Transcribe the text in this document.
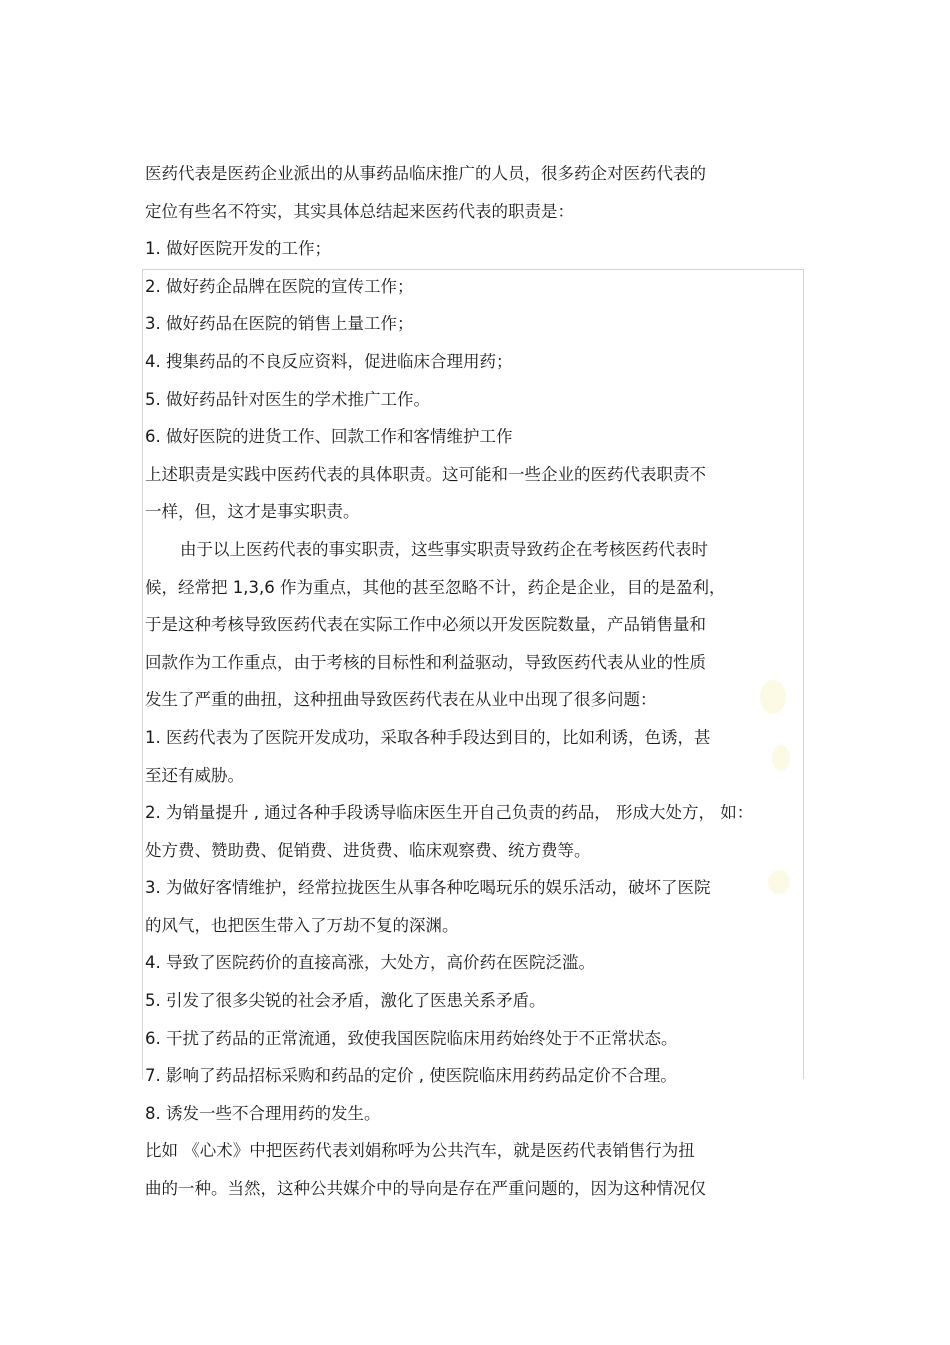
医药代表是医药企业派出的从事药品临床推广的人员，很多药企对医药代表的
定位有些名不符实，其实具体总结起来医药代表的职责是：
1. 做好医院开发的工作；
2. 做好药企品牌在医院的宣传工作；
3. 做好药品在医院的销售上量工作；
4. 搜集药品的不良反应资料，促进临床合理用药；
5. 做好药品针对医生的学术推广工作。
6. 做好医院的进货工作、回款工作和客情维护工作
上述职责是实践中医药代表的具体职责。这可能和一些企业的医药代表职责不
一样，但，这才是事实职责。
由于以上医药代表的事实职责，这些事实职责导致药企在考核医药代表时
候，经常把 1,3,6 作为重点，其他的甚至忽略不计，药企是企业，目的是盈利，
于是这种考核导致医药代表在实际工作中必须以开发医院数量，产品销售量和
回款作为工作重点，由于考核的目标性和利益驱动，导致医药代表从业的性质
发生了严重的曲扭，这种扭曲导致医药代表在从业中出现了很多问题：
1. 医药代表为了医院开发成功，采取各种手段达到目的，比如利诱，色诱，甚
至还有威胁。
2. 为销量提升 , 通过各种手段诱导临床医生开自己负责的药品， 形成大处方， 如：
处方费、赞助费、促销费、进货费、临床观察费、统方费等。
3. 为做好客情维护，经常拉拢医生从事各种吃喝玩乐的娱乐活动，破坏了医院
的风气，也把医生带入了万劫不复的深渊。
4. 导致了医院药价的直接高涨，大处方，高价药在医院泛滥。
5. 引发了很多尖锐的社会矛盾，激化了医患关系矛盾。
6. 干扰了药品的正常流通，致使我国医院临床用药始终处于不正常状态。
7. 影响了药品招标采购和药品的定价 , 使医院临床用药药品定价不合理。
8. 诱发一些不合理用药的发生。
比如 《心术》中把医药代表刘娟称呼为公共汽车，就是医药代表销售行为扭
曲的一种。当然，这种公共媒介中的导向是存在严重问题的，因为这种情况仅
